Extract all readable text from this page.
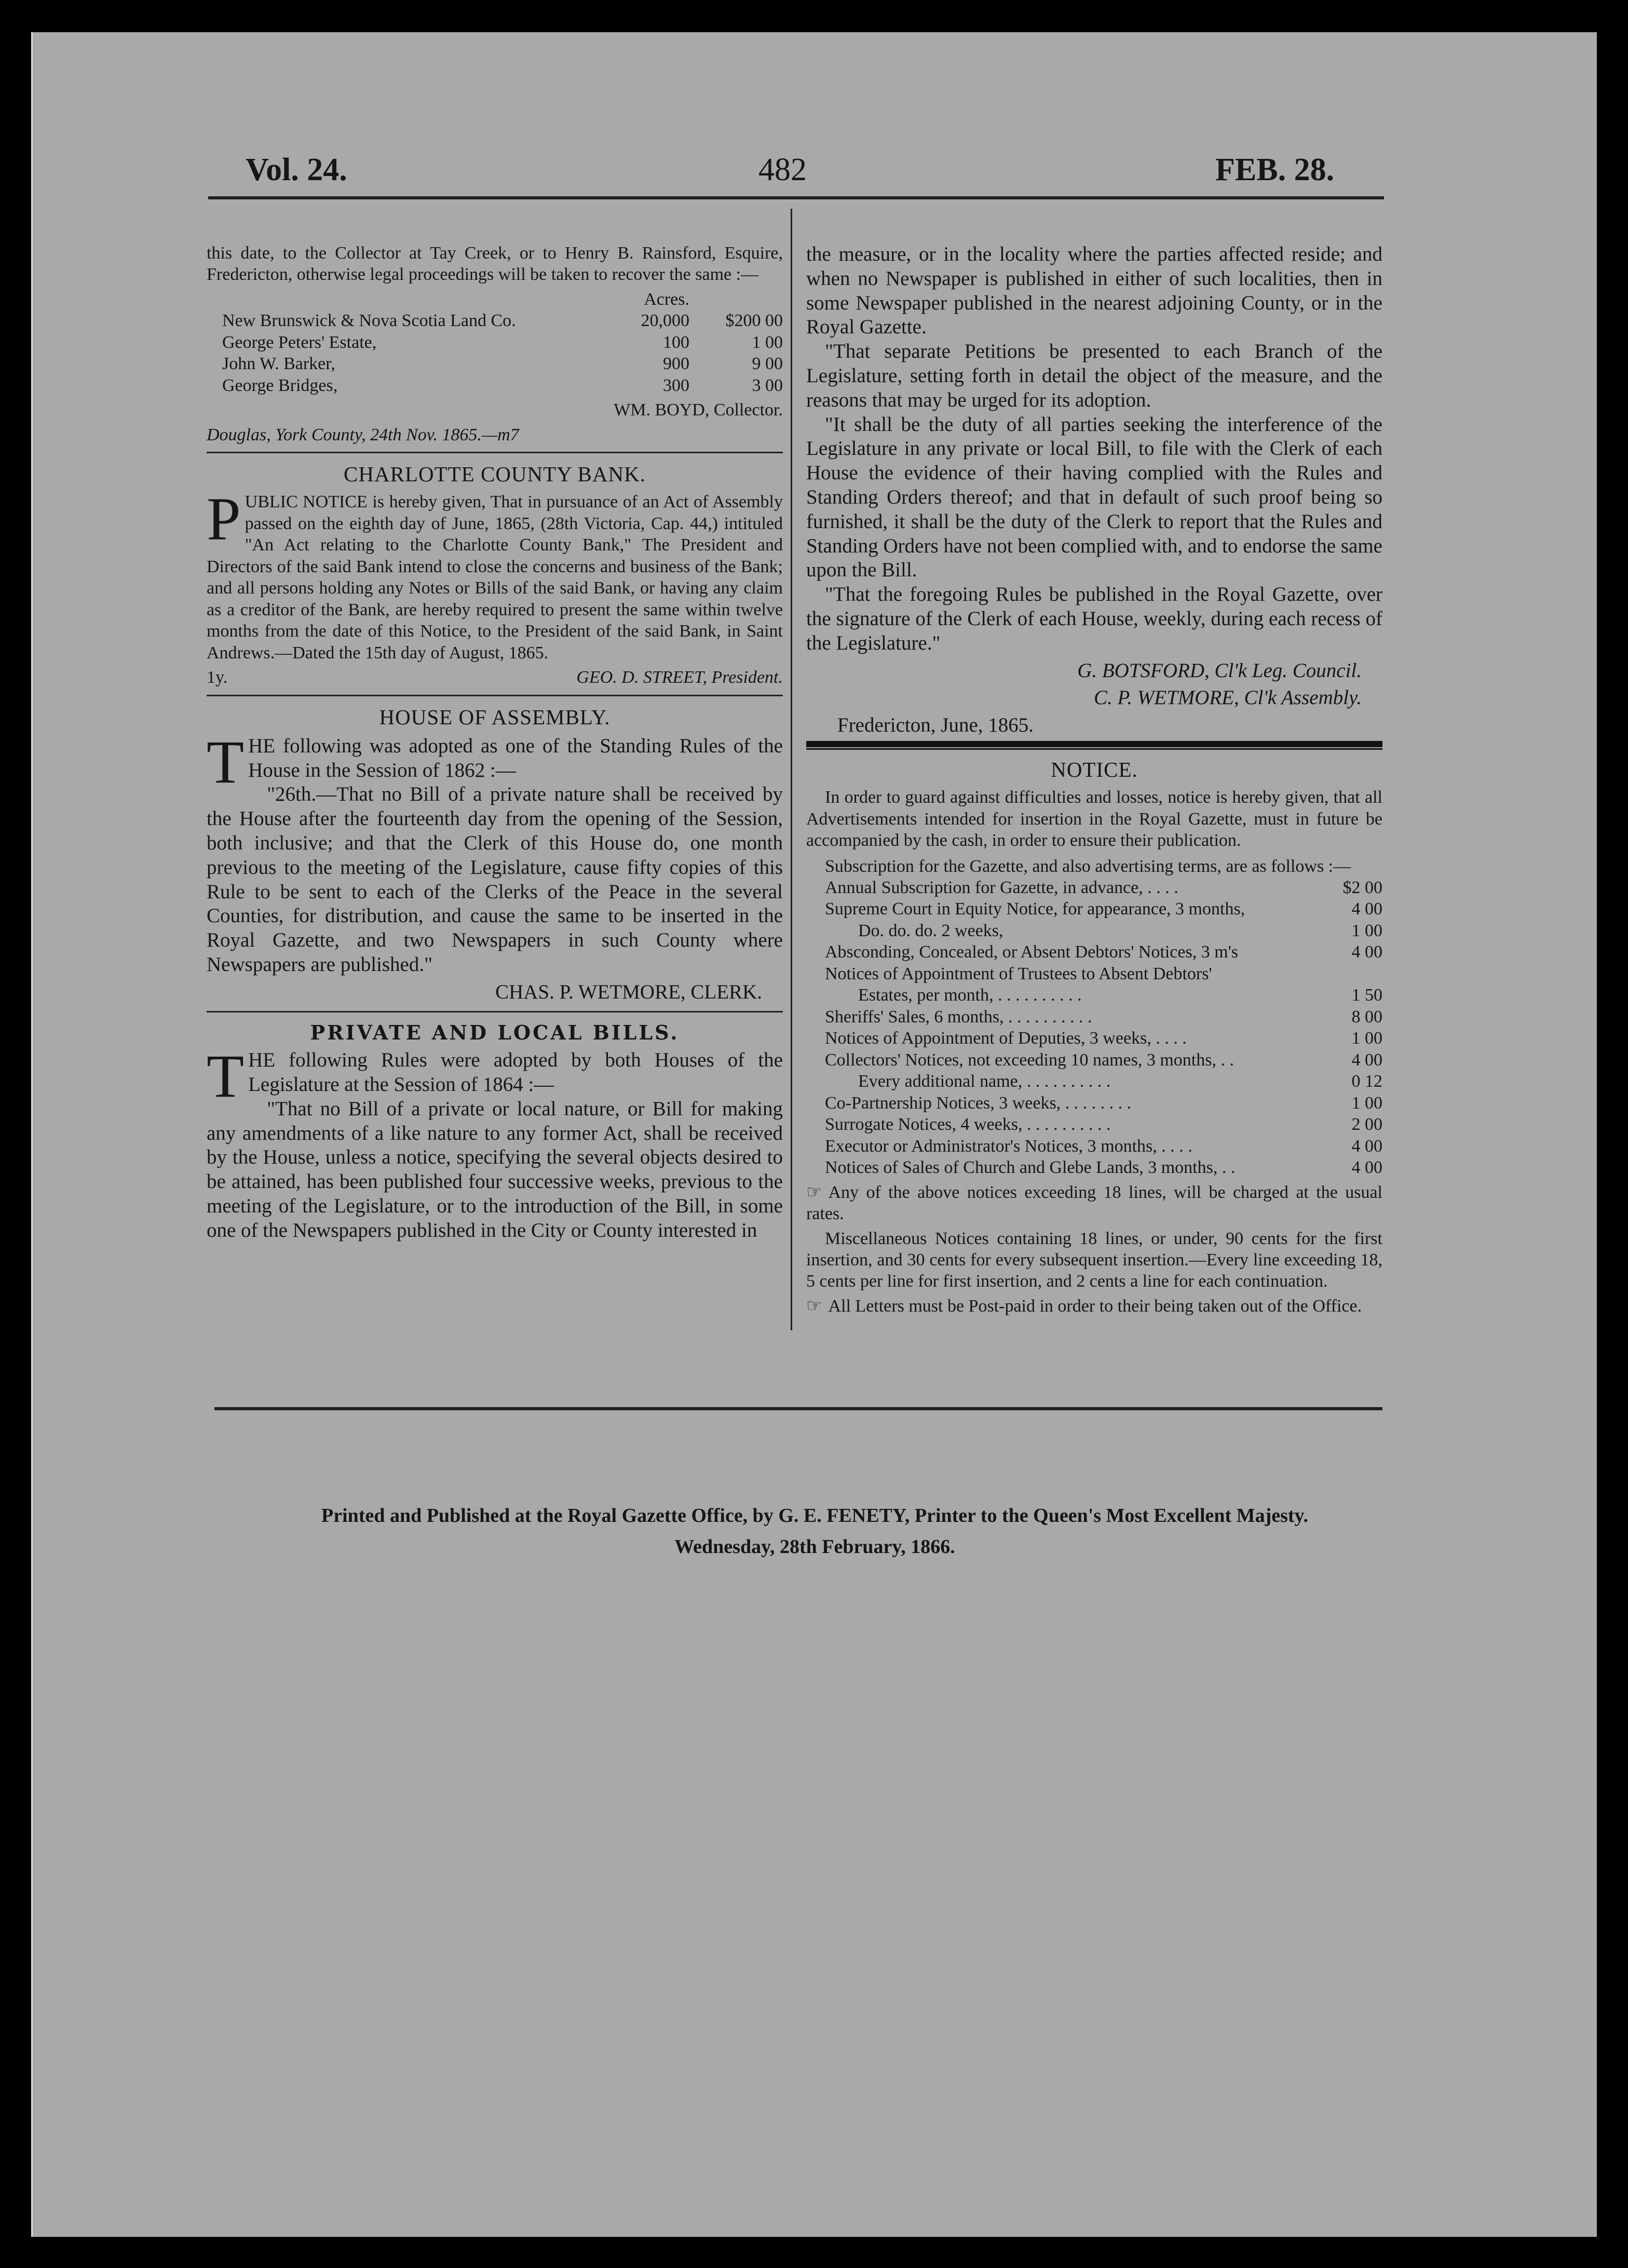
Vol. 24.	482	FEB. 28.

this date, to the Collector at Tay Creek, or to Henry B. Rainsford, Esquire, Fredericton, otherwise legal proceedings will be taken to recover the same :—

Acres.
New Brunswick & Nova Scotia Land Co.	20,000	$200 00
George Peters' Estate,	100	1 00
John W. Barker,	900	9 00
George Bridges,	300	3 00
WM. BOYD, Collector.
Douglas, York County, 24th Nov. 1865.—m7
CHARLOTTE COUNTY BANK.

PUBLIC NOTICE is hereby given, That in pursuance of an Act of Assembly passed on the eighth day of June, 1865, (28th Victoria, Cap. 44,) intituled "An Act relating to the Charlotte County Bank," The President and Directors of the said Bank intend to close the concerns and business of the Bank; and all persons holding any Notes or Bills of the said Bank, or having any claim as a creditor of the Bank, are hereby required to present the same within twelve months from the date of this Notice, to the President of the said Bank, in Saint Andrews.—Dated the 15th day of August, 1865.

1y.	GEO. D. STREET, President.
HOUSE OF ASSEMBLY.

THE following was adopted as one of the Standing Rules of the House in the Session of 1862 :—

"26th.—That no Bill of a private nature shall be received by the House after the fourteenth day from the opening of the Session, both inclusive; and that the Clerk of this House do, one month previous to the meeting of the Legislature, cause fifty copies of this Rule to be sent to each of the Clerks of the Peace in the several Counties, for distribution, and cause the same to be inserted in the Royal Gazette, and two Newspapers in such County where Newspapers are published."

CHAS. P. WETMORE, CLERK.
PRIVATE AND LOCAL BILLS.

THE following Rules were adopted by both Houses of the Legislature at the Session of 1864 :—

"That no Bill of a private or local nature, or Bill for making any amendments of a like nature to any former Act, shall be received by the House, unless a notice, specifying the several objects desired to be attained, has been published four successive weeks, previous to the meeting of the Legislature, or to the introduction of the Bill, in some one of the Newspapers published in the City or County interested in

the measure, or in the locality where the parties affected reside; and when no Newspaper is published in either of such localities, then in some Newspaper published in the nearest adjoining County, or in the Royal Gazette.

"That separate Petitions be presented to each Branch of the Legislature, setting forth in detail the object of the measure, and the reasons that may be urged for its adoption.

"It shall be the duty of all parties seeking the interference of the Legislature in any private or local Bill, to file with the Clerk of each House the evidence of their having complied with the Rules and Standing Orders thereof; and that in default of such proof being so furnished, it shall be the duty of the Clerk to report that the Rules and Standing Orders have not been complied with, and to endorse the same upon the Bill.

"That the foregoing Rules be published in the Royal Gazette, over the signature of the Clerk of each House, weekly, during each recess of the Legislature."

G. BOTSFORD, Cl'k Leg. Council.
C. P. WETMORE, Cl'k Assembly.
Fredericton, June, 1865.
NOTICE.

In order to guard against difficulties and losses, notice is hereby given, that all Advertisements intended for insertion in the Royal Gazette, must in future be accompanied by the cash, in order to ensure their publication.

Subscription for the Gazette, and also advertising terms, are as follows :—

Annual Subscription for Gazette, in advance, . . . .	$2 00
Supreme Court in Equity Notice, for appearance, 3 months,	4 00
Do. do. do. 2 weeks,	1 00
Absconding, Concealed, or Absent Debtors' Notices, 3 m's	4 00
Notices of Appointment of Trustees to Absent Debtors'
Estates, per month, . . . . . . . . . .	1 50
Sheriffs' Sales, 6 months, . . . . . . . . . .	8 00
Notices of Appointment of Deputies, 3 weeks, . . . .	1 00
Collectors' Notices, not exceeding 10 names, 3 months, . .	4 00
Every additional name, . . . . . . . . . .	0 12
Co-Partnership Notices, 3 weeks, . . . . . . . .	1 00
Surrogate Notices, 4 weeks, . . . . . . . . . .	2 00
Executor or Administrator's Notices, 3 months, . . . .	4 00
Notices of Sales of Church and Glebe Lands, 3 months, . .	4 00

☞ Any of the above notices exceeding 18 lines, will be charged at the usual rates.

Miscellaneous Notices containing 18 lines, or under, 90 cents for the first insertion, and 30 cents for every subsequent insertion.—Every line exceeding 18, 5 cents per line for first insertion, and 2 cents a line for each continuation.

☞ All Letters must be Post-paid in order to their being taken out of the Office.

Printed and Published at the Royal Gazette Office, by G. E. FENETY, Printer to the Queen's Most Excellent Majesty.
Wednesday, 28th February, 1866.
